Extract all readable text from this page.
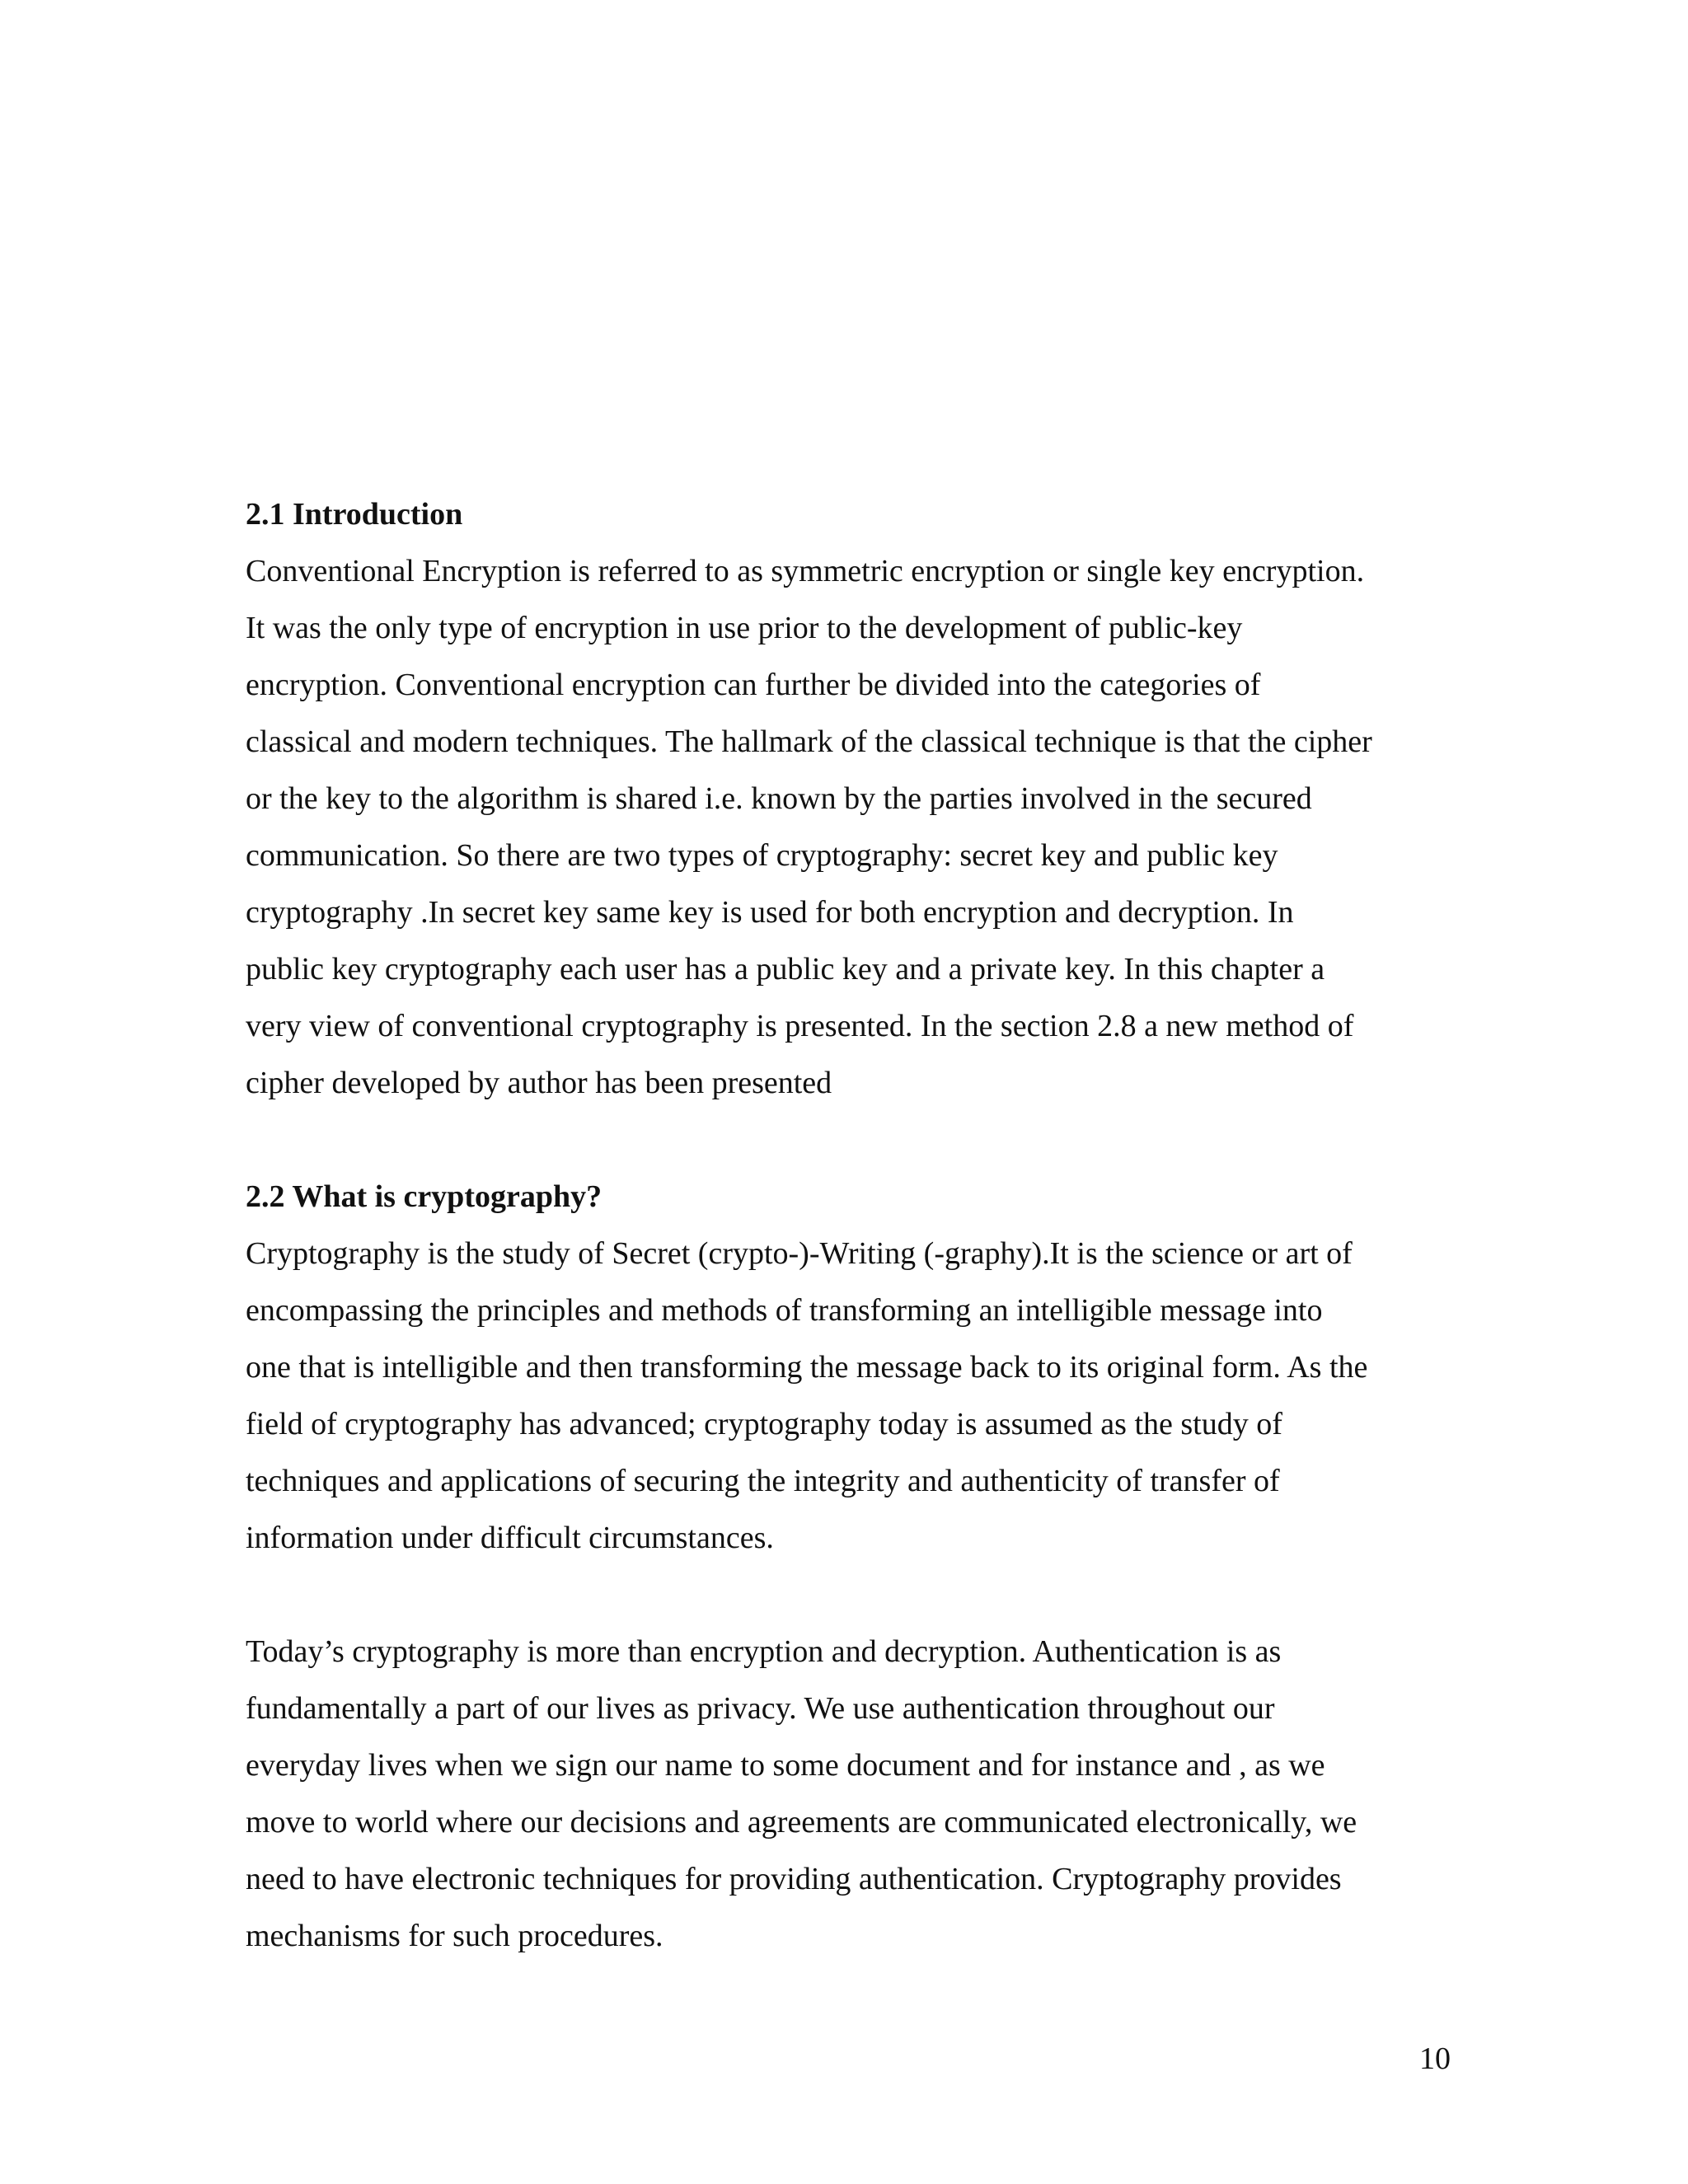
2.1 Introduction

Conventional Encryption is referred to as symmetric encryption or single key encryption.
It was the only type of encryption in use prior to the development of public-key
encryption. Conventional encryption can further be divided into the categories of
classical and modern techniques. The hallmark of the classical technique is that the cipher
or the key to the algorithm is shared i.e. known by the parties involved in the secured
communication. So there are two types of cryptography: secret key and public key
cryptography .In secret key same key is used for both encryption and decryption. In
public key cryptography each user has a public key and a private key. In this chapter a
very view of conventional cryptography is presented. In the section 2.8 a new method of
cipher developed by author has been presented

2.2 What is cryptography?

Cryptography is the study of Secret (crypto-)-Writing (-graphy).It is the science or art of
encompassing the principles and methods of transforming an intelligible message into
one that is intelligible and then transforming the message back to its original form. As the
field of cryptography has advanced; cryptography today is assumed as the study of
techniques and applications of securing the integrity and authenticity of transfer of
information under difficult circumstances.

Today’s cryptography is more than encryption and decryption. Authentication is as
fundamentally a part of our lives as privacy. We use authentication throughout our
everyday lives when we sign our name to some document and for instance and , as we
move to world where our decisions and agreements are communicated electronically, we
need to have electronic techniques for providing authentication. Cryptography provides
mechanisms for such procedures.

10
